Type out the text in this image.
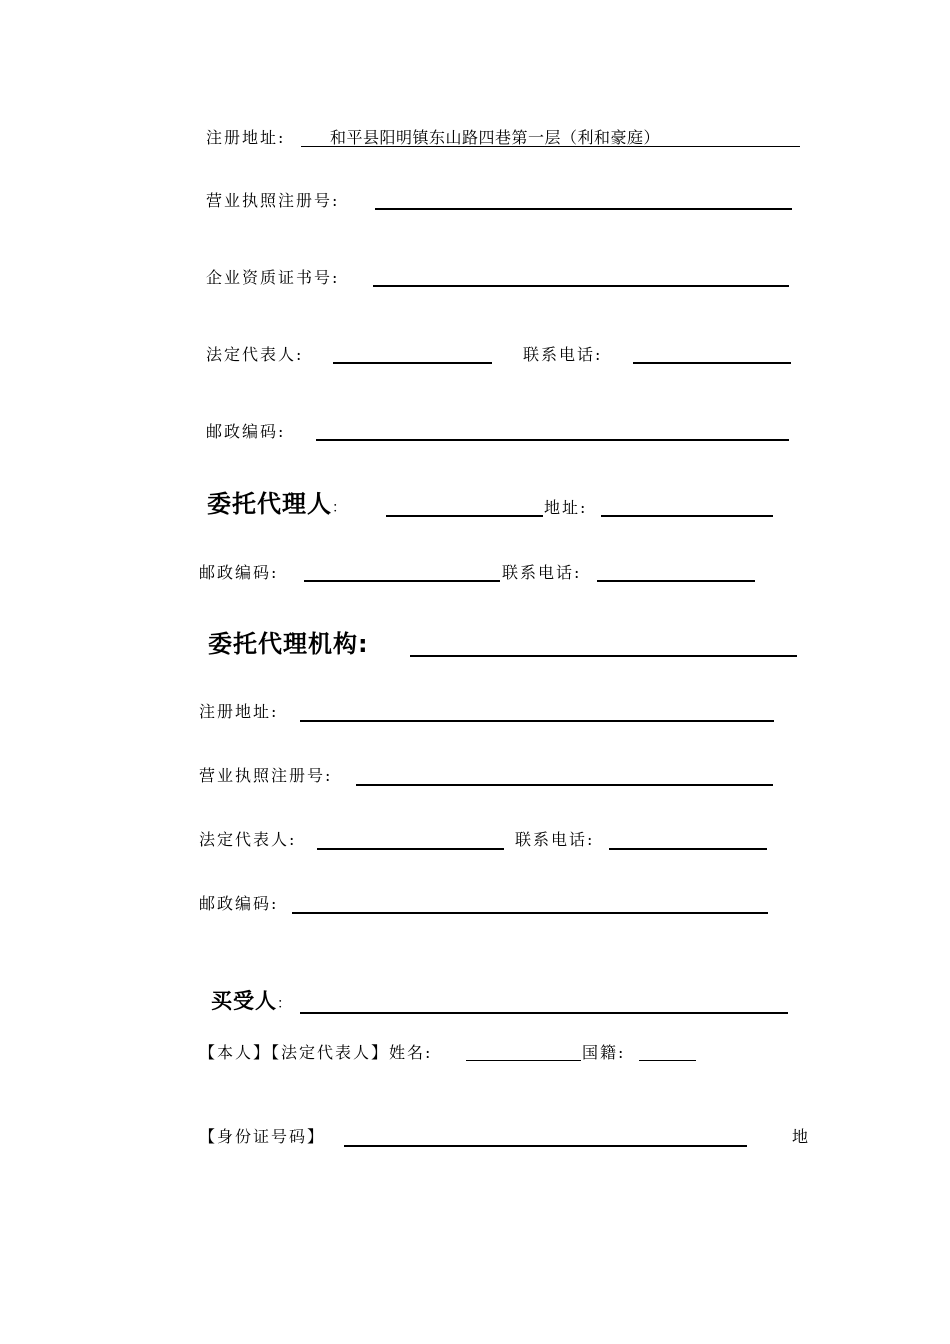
注册地址:	和平县阳明镇东山路四巷第一层（利和豪庭）
营业执照注册号:
企业资质证书号:
法定代表人:	联系电话:
邮政编码:
委托代理人：	地址:
邮政编码:	联系电话:
委托代理机构:
注册地址:
营业执照注册号:
法定代表人:	联系电话:
邮政编码:
买受人：
【本人】【法定代表人】姓名:	国籍:
【身份证号码】	地
